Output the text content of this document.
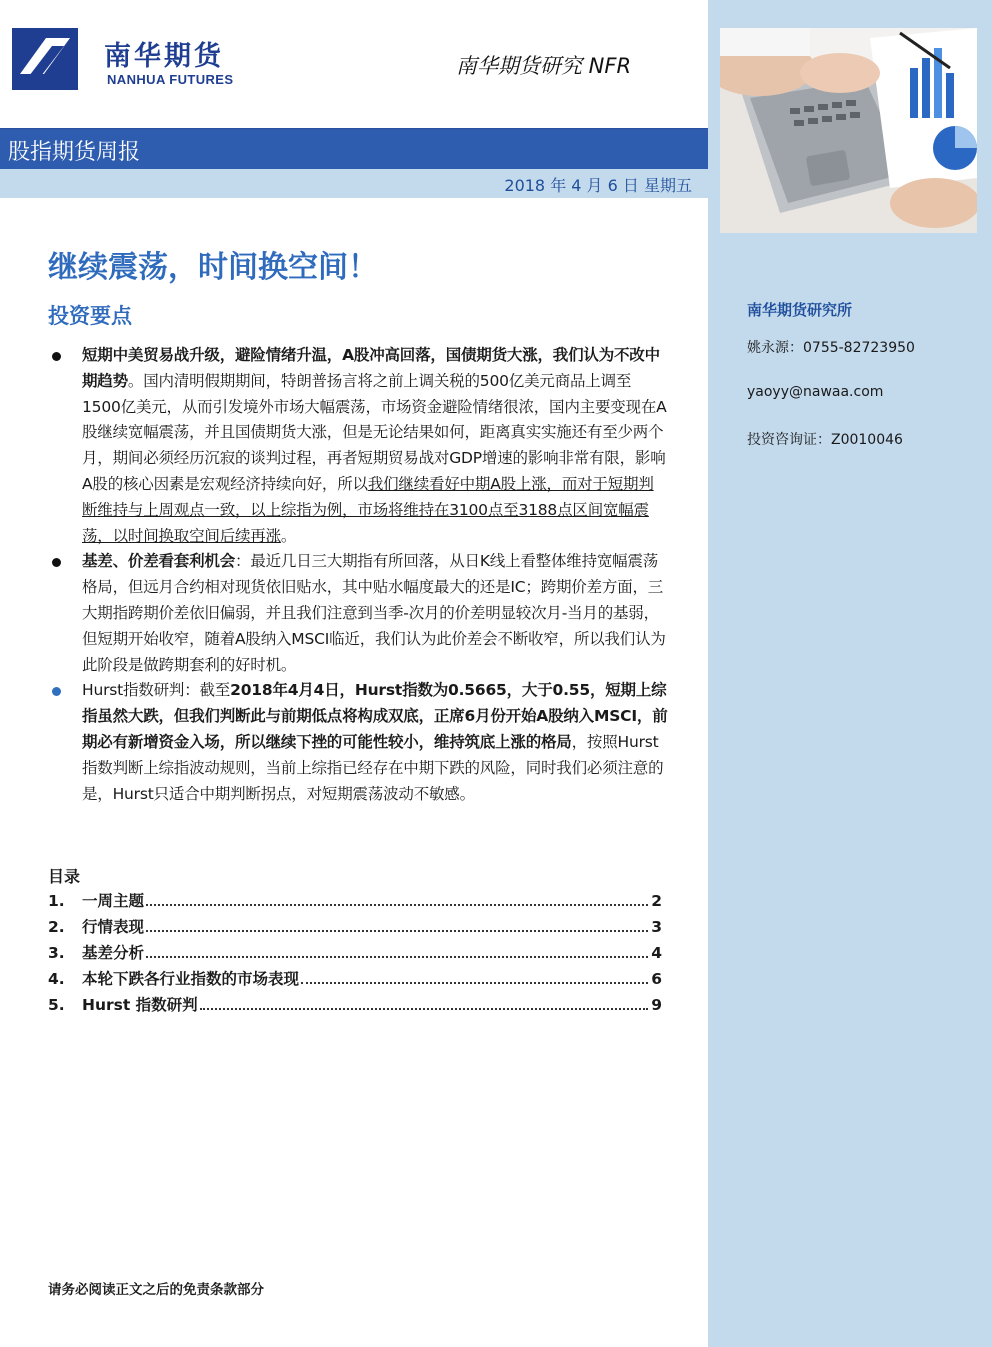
南华期货
NANHUA FUTURES
南华期货研究 NFR
股指期货周报
2018 年 4 月 6 日 星期五
继续震荡，时间换空间！
投资要点
短期中美贸易战升级，避险情绪升温，A股冲高回落，国债期货大涨，我们认为不改中期趋势。国内清明假期期间，特朗普扬言将之前上调关税的500亿美元商品上调至1500亿美元，从而引发境外市场大幅震荡，市场资金避险情绪很浓，国内主要变现在A股继续宽幅震荡，并且国债期货大涨，但是无论结果如何，距离真实实施还有至少两个月，期间必须经历沉寂的谈判过程，再者短期贸易战对GDP增速的影响非常有限，影响A股的核心因素是宏观经济持续向好，所以我们继续看好中期A股上涨，而对于短期判断维持与上周观点一致，以上综指为例，市场将维持在3100点至3188点区间宽幅震荡，以时间换取空间后续再涨。
基差、价差看套利机会：最近几日三大期指有所回落，从日K线上看整体维持宽幅震荡格局，但远月合约相对现货依旧贴水，其中贴水幅度最大的还是IC；跨期价差方面，三大期指跨期价差依旧偏弱，并且我们注意到当季-次月的价差明显较次月-当月的基弱，但短期开始收窄，随着A股纳入MSCI临近，我们认为此价差会不断收窄，所以我们认为此阶段是做跨期套利的好时机。
Hurst指数研判：截至2018年4月4日，Hurst指数为0.5665，大于0.55，短期上综指虽然大跌，但我们判断此与前期低点将构成双底，正席6月份开始A股纳入MSCI，前期必有新增资金入场，所以继续下挫的可能性较小，维持筑底上涨的格局，按照Hurst指数判断上综指波动规则，当前上综指已经存在中期下跌的风险，同时我们必须注意的是，Hurst只适合中期判断拐点，对短期震荡波动不敏感。
目录
1.	一周主题	2
2.	行情表现	3
3.	基差分析	4
4.	本轮下跌各行业指数的市场表现	6
5.	Hurst 指数研判	9
南华期货研究所
姚永源：0755-82723950
yaoyy@nawaa.com
投资咨询证：Z0010046
请务必阅读正文之后的免责条款部分
